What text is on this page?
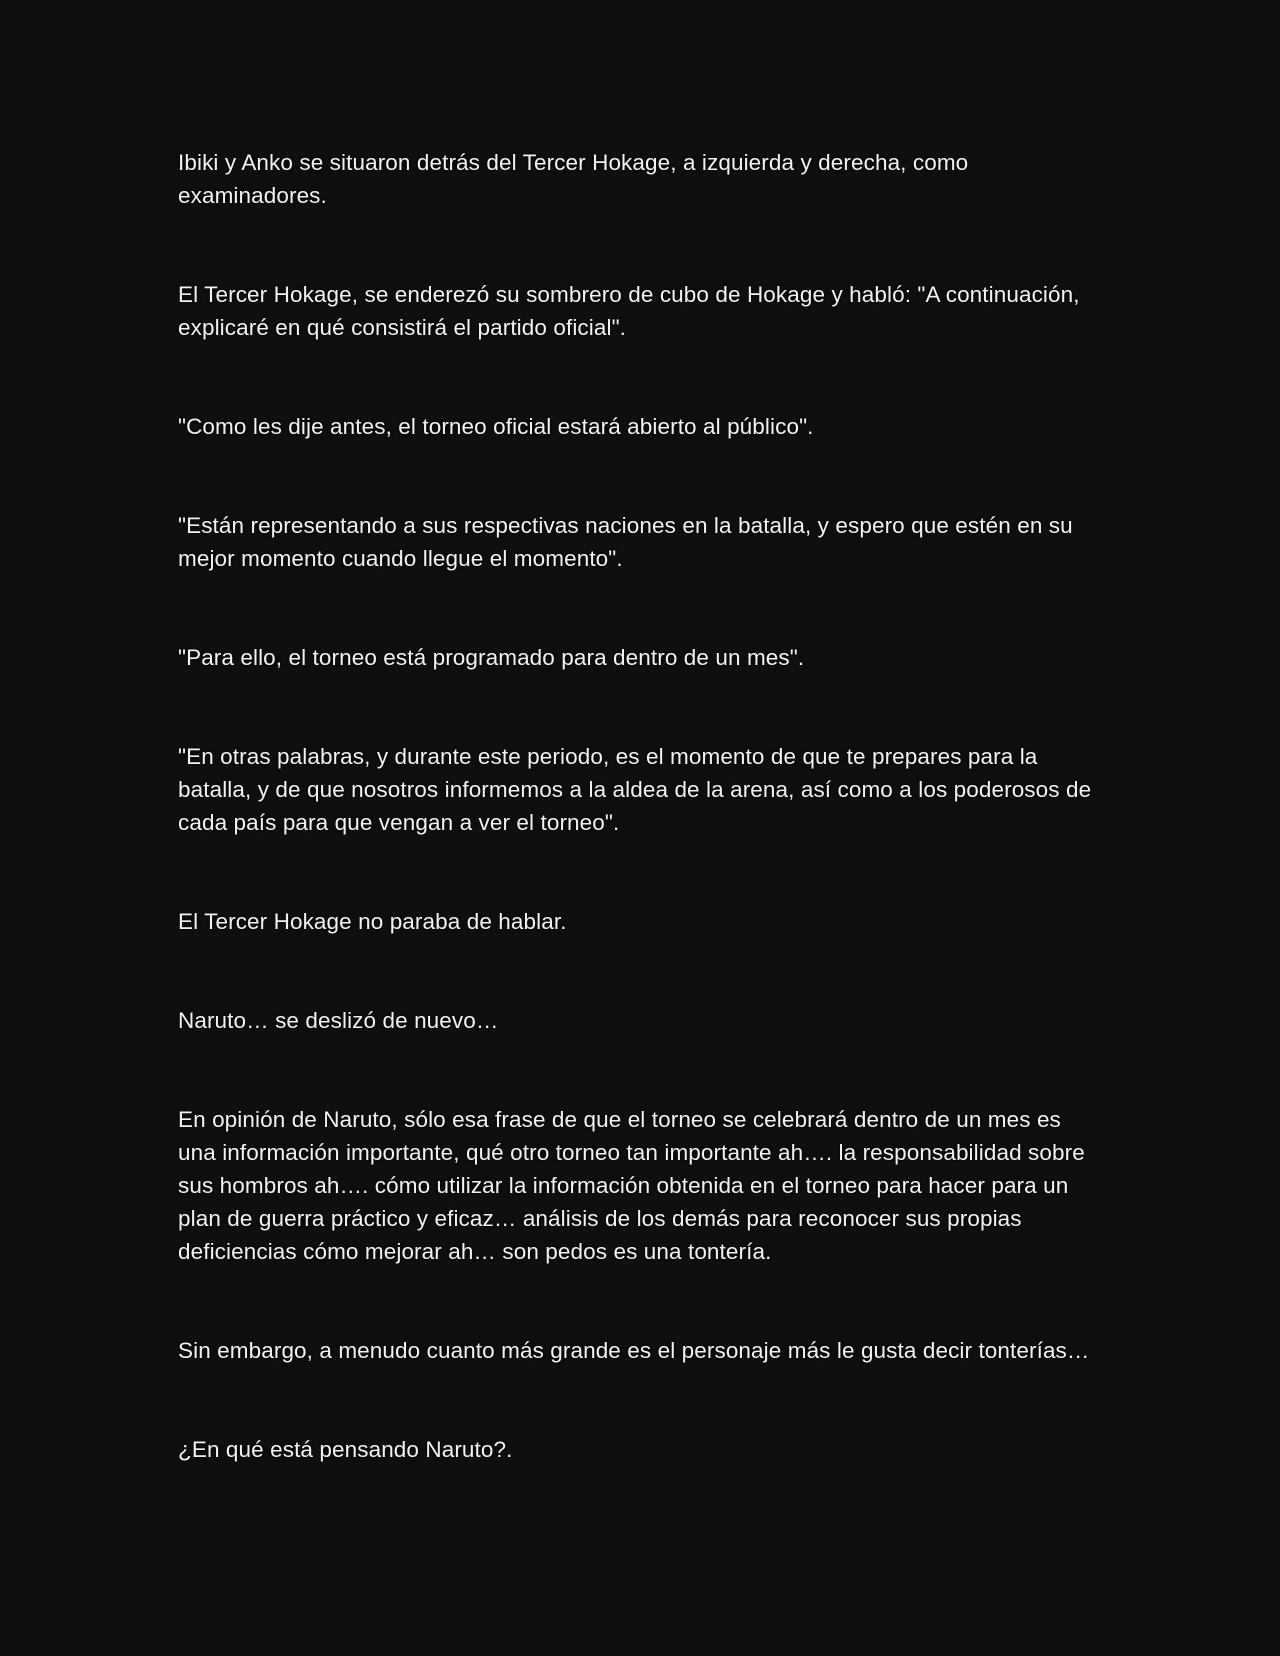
Ibiki y Anko se situaron detrás del Tercer Hokage, a izquierda y derecha, como examinadores.

El Tercer Hokage, se enderezó su sombrero de cubo de Hokage y habló: "A continuación, explicaré en qué consistirá el partido oficial".

"Como les dije antes, el torneo oficial estará abierto al público".

"Están representando a sus respectivas naciones en la batalla, y espero que estén en su mejor momento cuando llegue el momento".

"Para ello, el torneo está programado para dentro de un mes".

"En otras palabras, y durante este periodo, es el momento de que te prepares para la batalla, y de que nosotros informemos a la aldea de la arena, así como a los poderosos de cada país para que vengan a ver el torneo".

El Tercer Hokage no paraba de hablar.

Naruto… se deslizó de nuevo…

En opinión de Naruto, sólo esa frase de que el torneo se celebrará dentro de un mes es una información importante, qué otro torneo tan importante ah…. la responsabilidad sobre sus hombros ah…. cómo utilizar la información obtenida en el torneo para hacer para un plan de guerra práctico y eficaz… análisis de los demás para reconocer sus propias deficiencias cómo mejorar ah… son pedos es una tontería.

Sin embargo, a menudo cuanto más grande es el personaje más le gusta decir tonterías…

¿En qué está pensando Naruto?.
